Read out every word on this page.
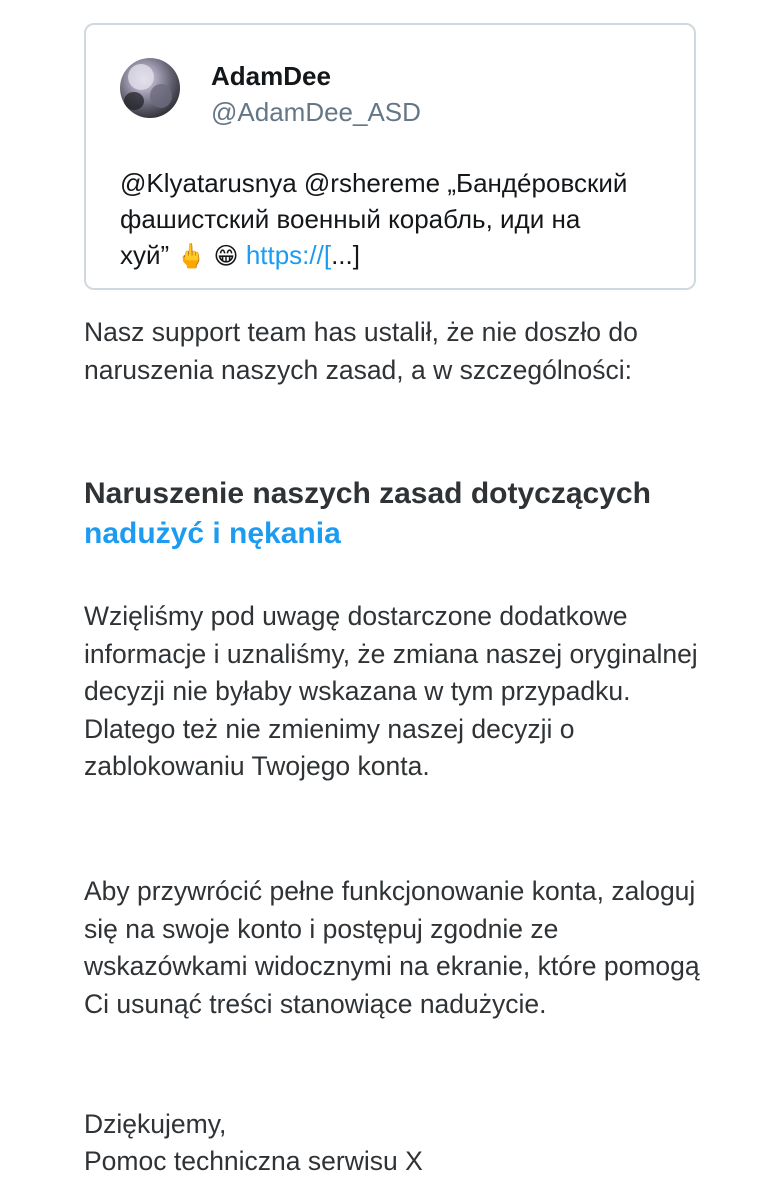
AdamDee
@AdamDee_ASD
@Klyatarusnya @rshereme „Банде́ровский
фашистский военный корабль, иди на
хуй” 🖕 😁 https://[...]

Nasz support team has ustalił, że nie doszło do naruszenia naszych zasad, a w szczególności:

Naruszenie naszych zasad dotyczących nadużyć i nękania

Wzięliśmy pod uwagę dostarczone dodatkowe informacje i uznaliśmy, że zmiana naszej oryginalnej decyzji nie byłaby wskazana w tym przypadku. Dlatego też nie zmienimy naszej decyzji o zablokowaniu Twojego konta.

Aby przywrócić pełne funkcjonowanie konta, zaloguj się na swoje konto i postępuj zgodnie ze wskazówkami widocznymi na ekranie, które pomogą Ci usunąć treści stanowiące nadużycie.

Dziękujemy,

Pomoc techniczna serwisu X
